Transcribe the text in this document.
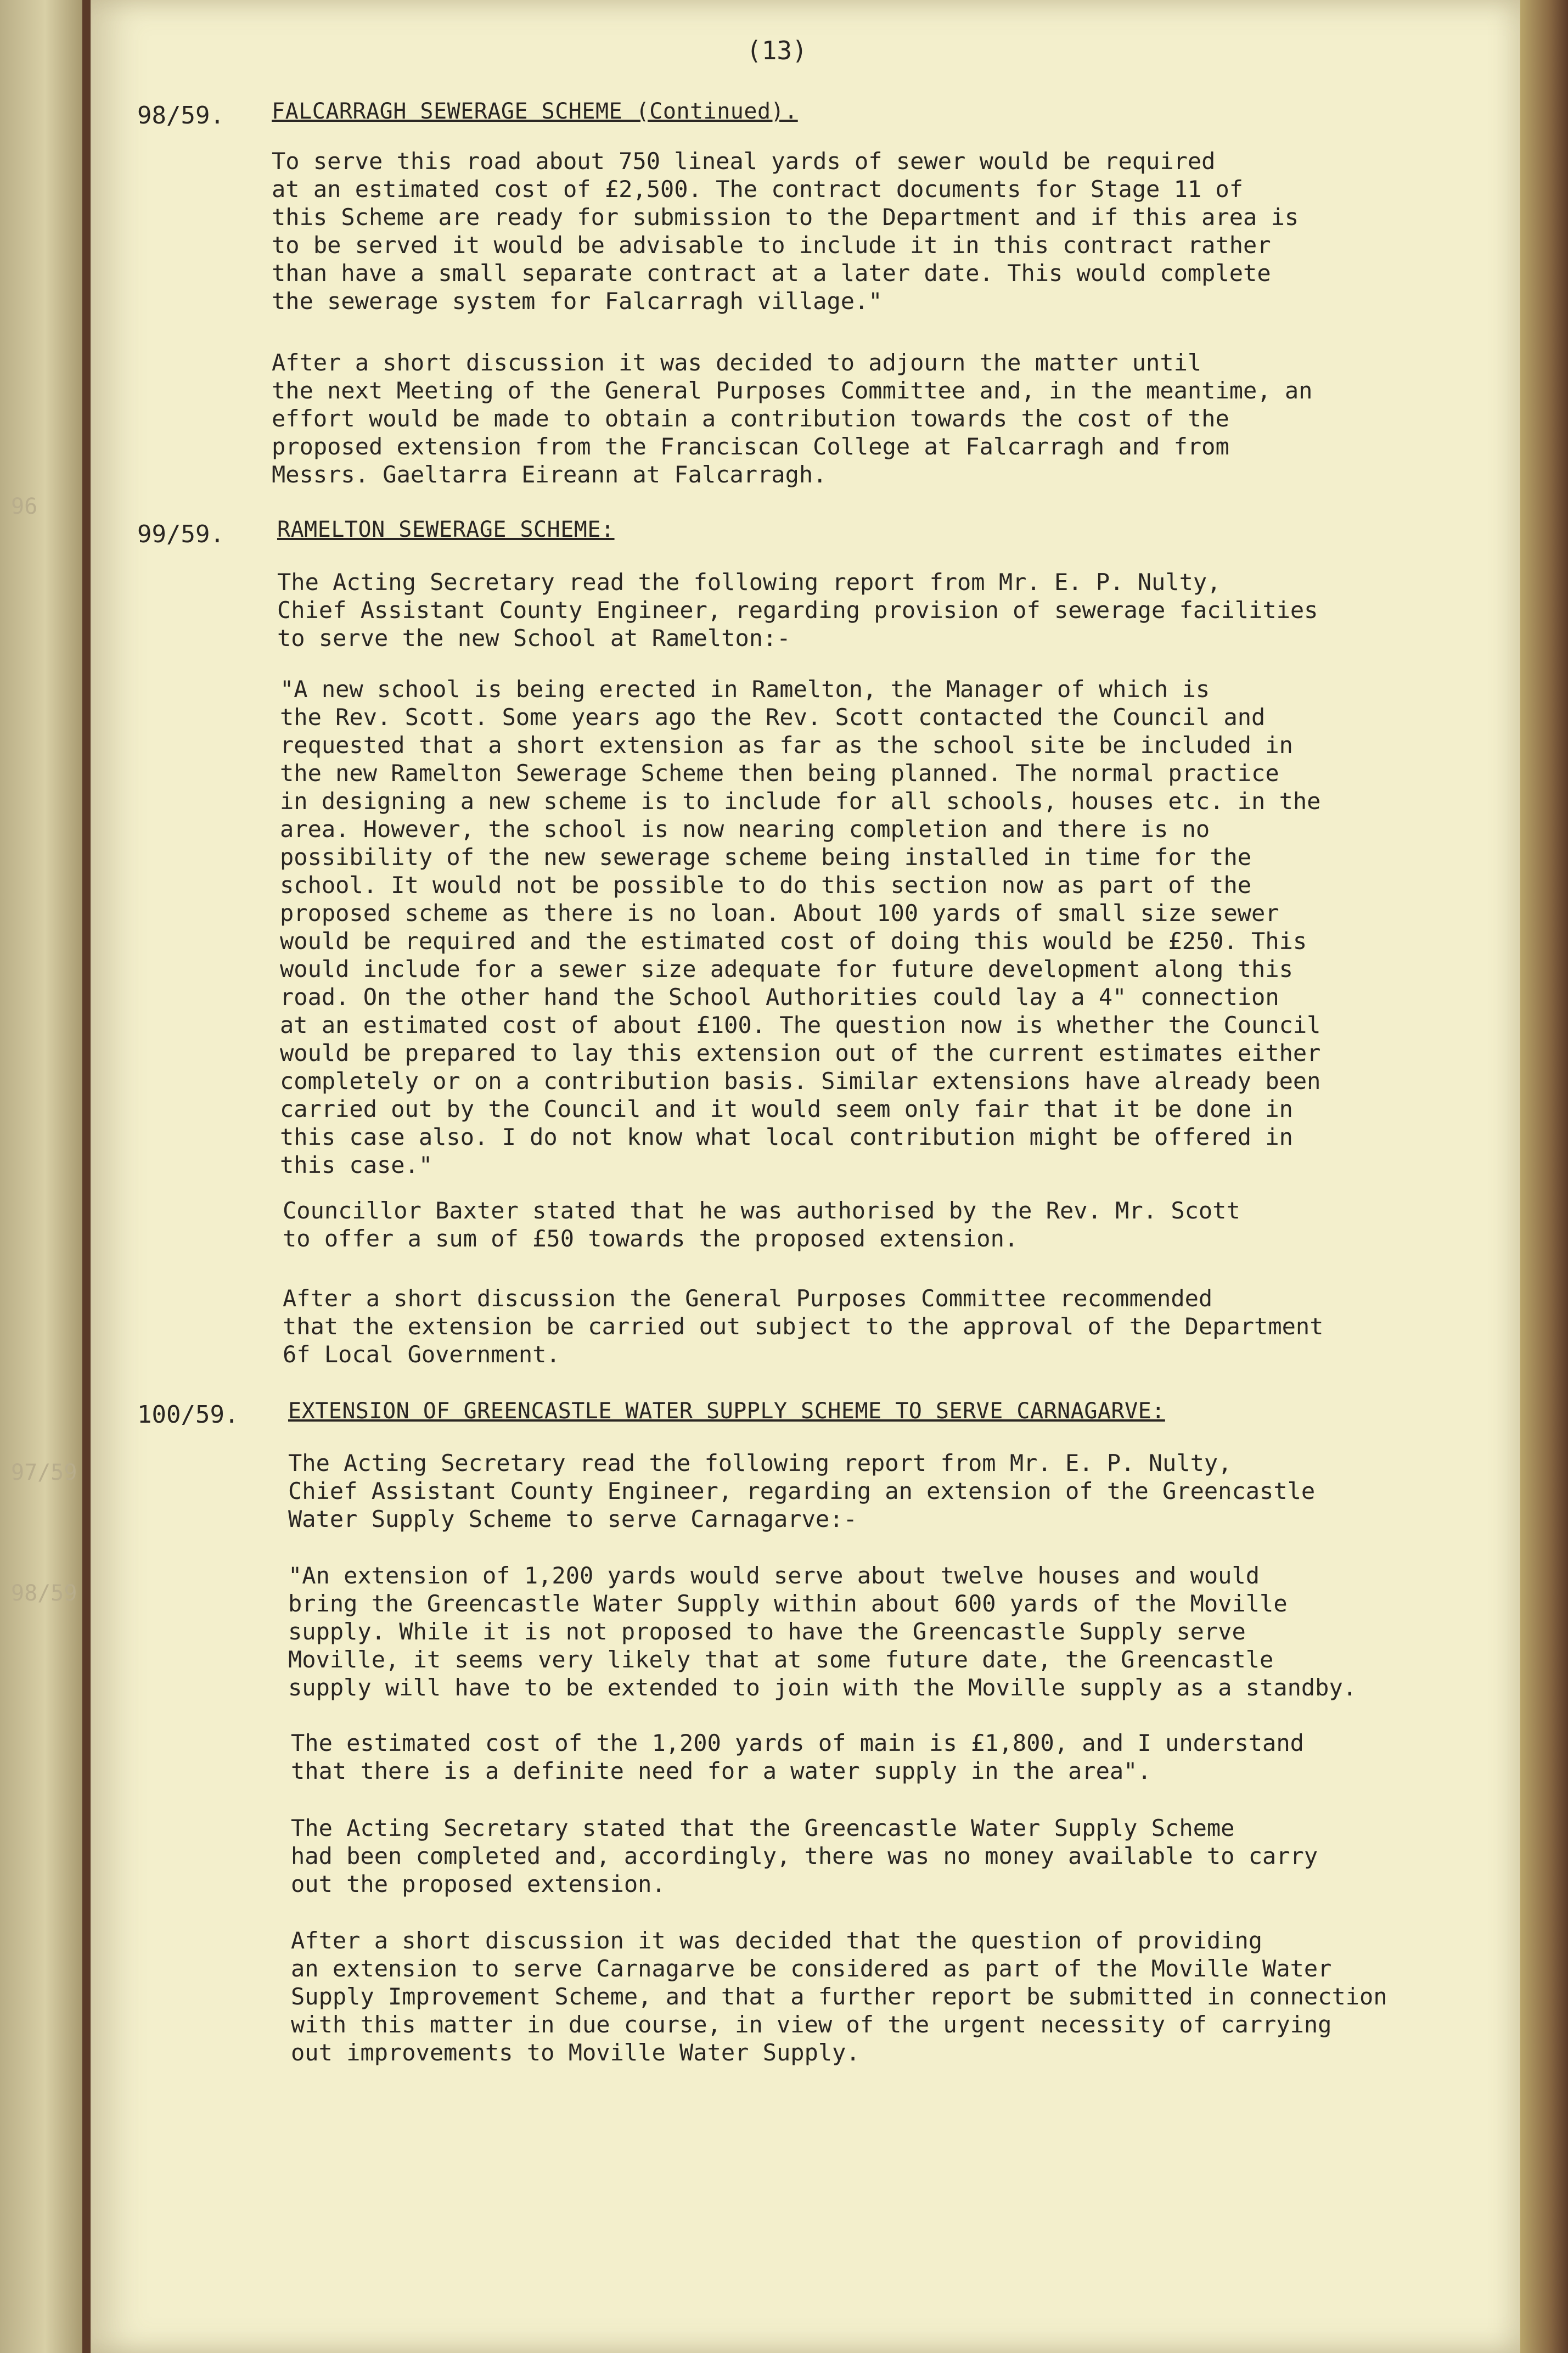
96
97/59
98/59
(13)
98/59. FALCARRAGH SEWERAGE SCHEME (Continued).

To serve this road about 750 lineal yards of sewer would be required
at an estimated cost of £2,500. The contract documents for Stage 11 of
this Scheme are ready for submission to the Department and if this area is
to be served it would be advisable to include it in this contract rather
than have a small separate contract at a later date. This would complete
the sewerage system for Falcarragh village."

After a short discussion it was decided to adjourn the matter until
the next Meeting of the General Purposes Committee and, in the meantime, an
effort would be made to obtain a contribution towards the cost of the
proposed extension from the Franciscan College at Falcarragh and from
Messrs. Gaeltarra Eireann at Falcarragh.

99/59. RAMELTON SEWERAGE SCHEME:

The Acting Secretary read the following report from Mr. E. P. Nulty,
Chief Assistant County Engineer, regarding provision of sewerage facilities
to serve the new School at Ramelton:-

"A new school is being erected in Ramelton, the Manager of which is
the Rev. Scott. Some years ago the Rev. Scott contacted the Council and
requested that a short extension as far as the school site be included in
the new Ramelton Sewerage Scheme then being planned. The normal practice
in designing a new scheme is to include for all schools, houses etc. in the
area. However, the school is now nearing completion and there is no
possibility of the new sewerage scheme being installed in time for the
school. It would not be possible to do this section now as part of the
proposed scheme as there is no loan. About 100 yards of small size sewer
would be required and the estimated cost of doing this would be £250. This
would include for a sewer size adequate for future development along this
road. On the other hand the School Authorities could lay a 4" connection
at an estimated cost of about £100. The question now is whether the Council
would be prepared to lay this extension out of the current estimates either
completely or on a contribution basis. Similar extensions have already been
carried out by the Council and it would seem only fair that it be done in
this case also. I do not know what local contribution might be offered in
this case."

Councillor Baxter stated that he was authorised by the Rev. Mr. Scott
to offer a sum of £50 towards the proposed extension.

After a short discussion the General Purposes Committee recommended
that the extension be carried out subject to the approval of the Department
6f Local Government.

100/59. EXTENSION OF GREENCASTLE WATER SUPPLY SCHEME TO SERVE CARNAGARVE:

The Acting Secretary read the following report from Mr. E. P. Nulty,
Chief Assistant County Engineer, regarding an extension of the Greencastle
Water Supply Scheme to serve Carnagarve:-

"An extension of 1,200 yards would serve about twelve houses and would
bring the Greencastle Water Supply within about 600 yards of the Moville
supply. While it is not proposed to have the Greencastle Supply serve
Moville, it seems very likely that at some future date, the Greencastle
supply will have to be extended to join with the Moville supply as a standby.

The estimated cost of the 1,200 yards of main is £1,800, and I understand
that there is a definite need for a water supply in the area".

The Acting Secretary stated that the Greencastle Water Supply Scheme
had been completed and, accordingly, there was no money available to carry
out the proposed extension.

After a short discussion it was decided that the question of providing
an extension to serve Carnagarve be considered as part of the Moville Water
Supply Improvement Scheme, and that a further report be submitted in connection
with this matter in due course, in view of the urgent necessity of carrying
out improvements to Moville Water Supply.
